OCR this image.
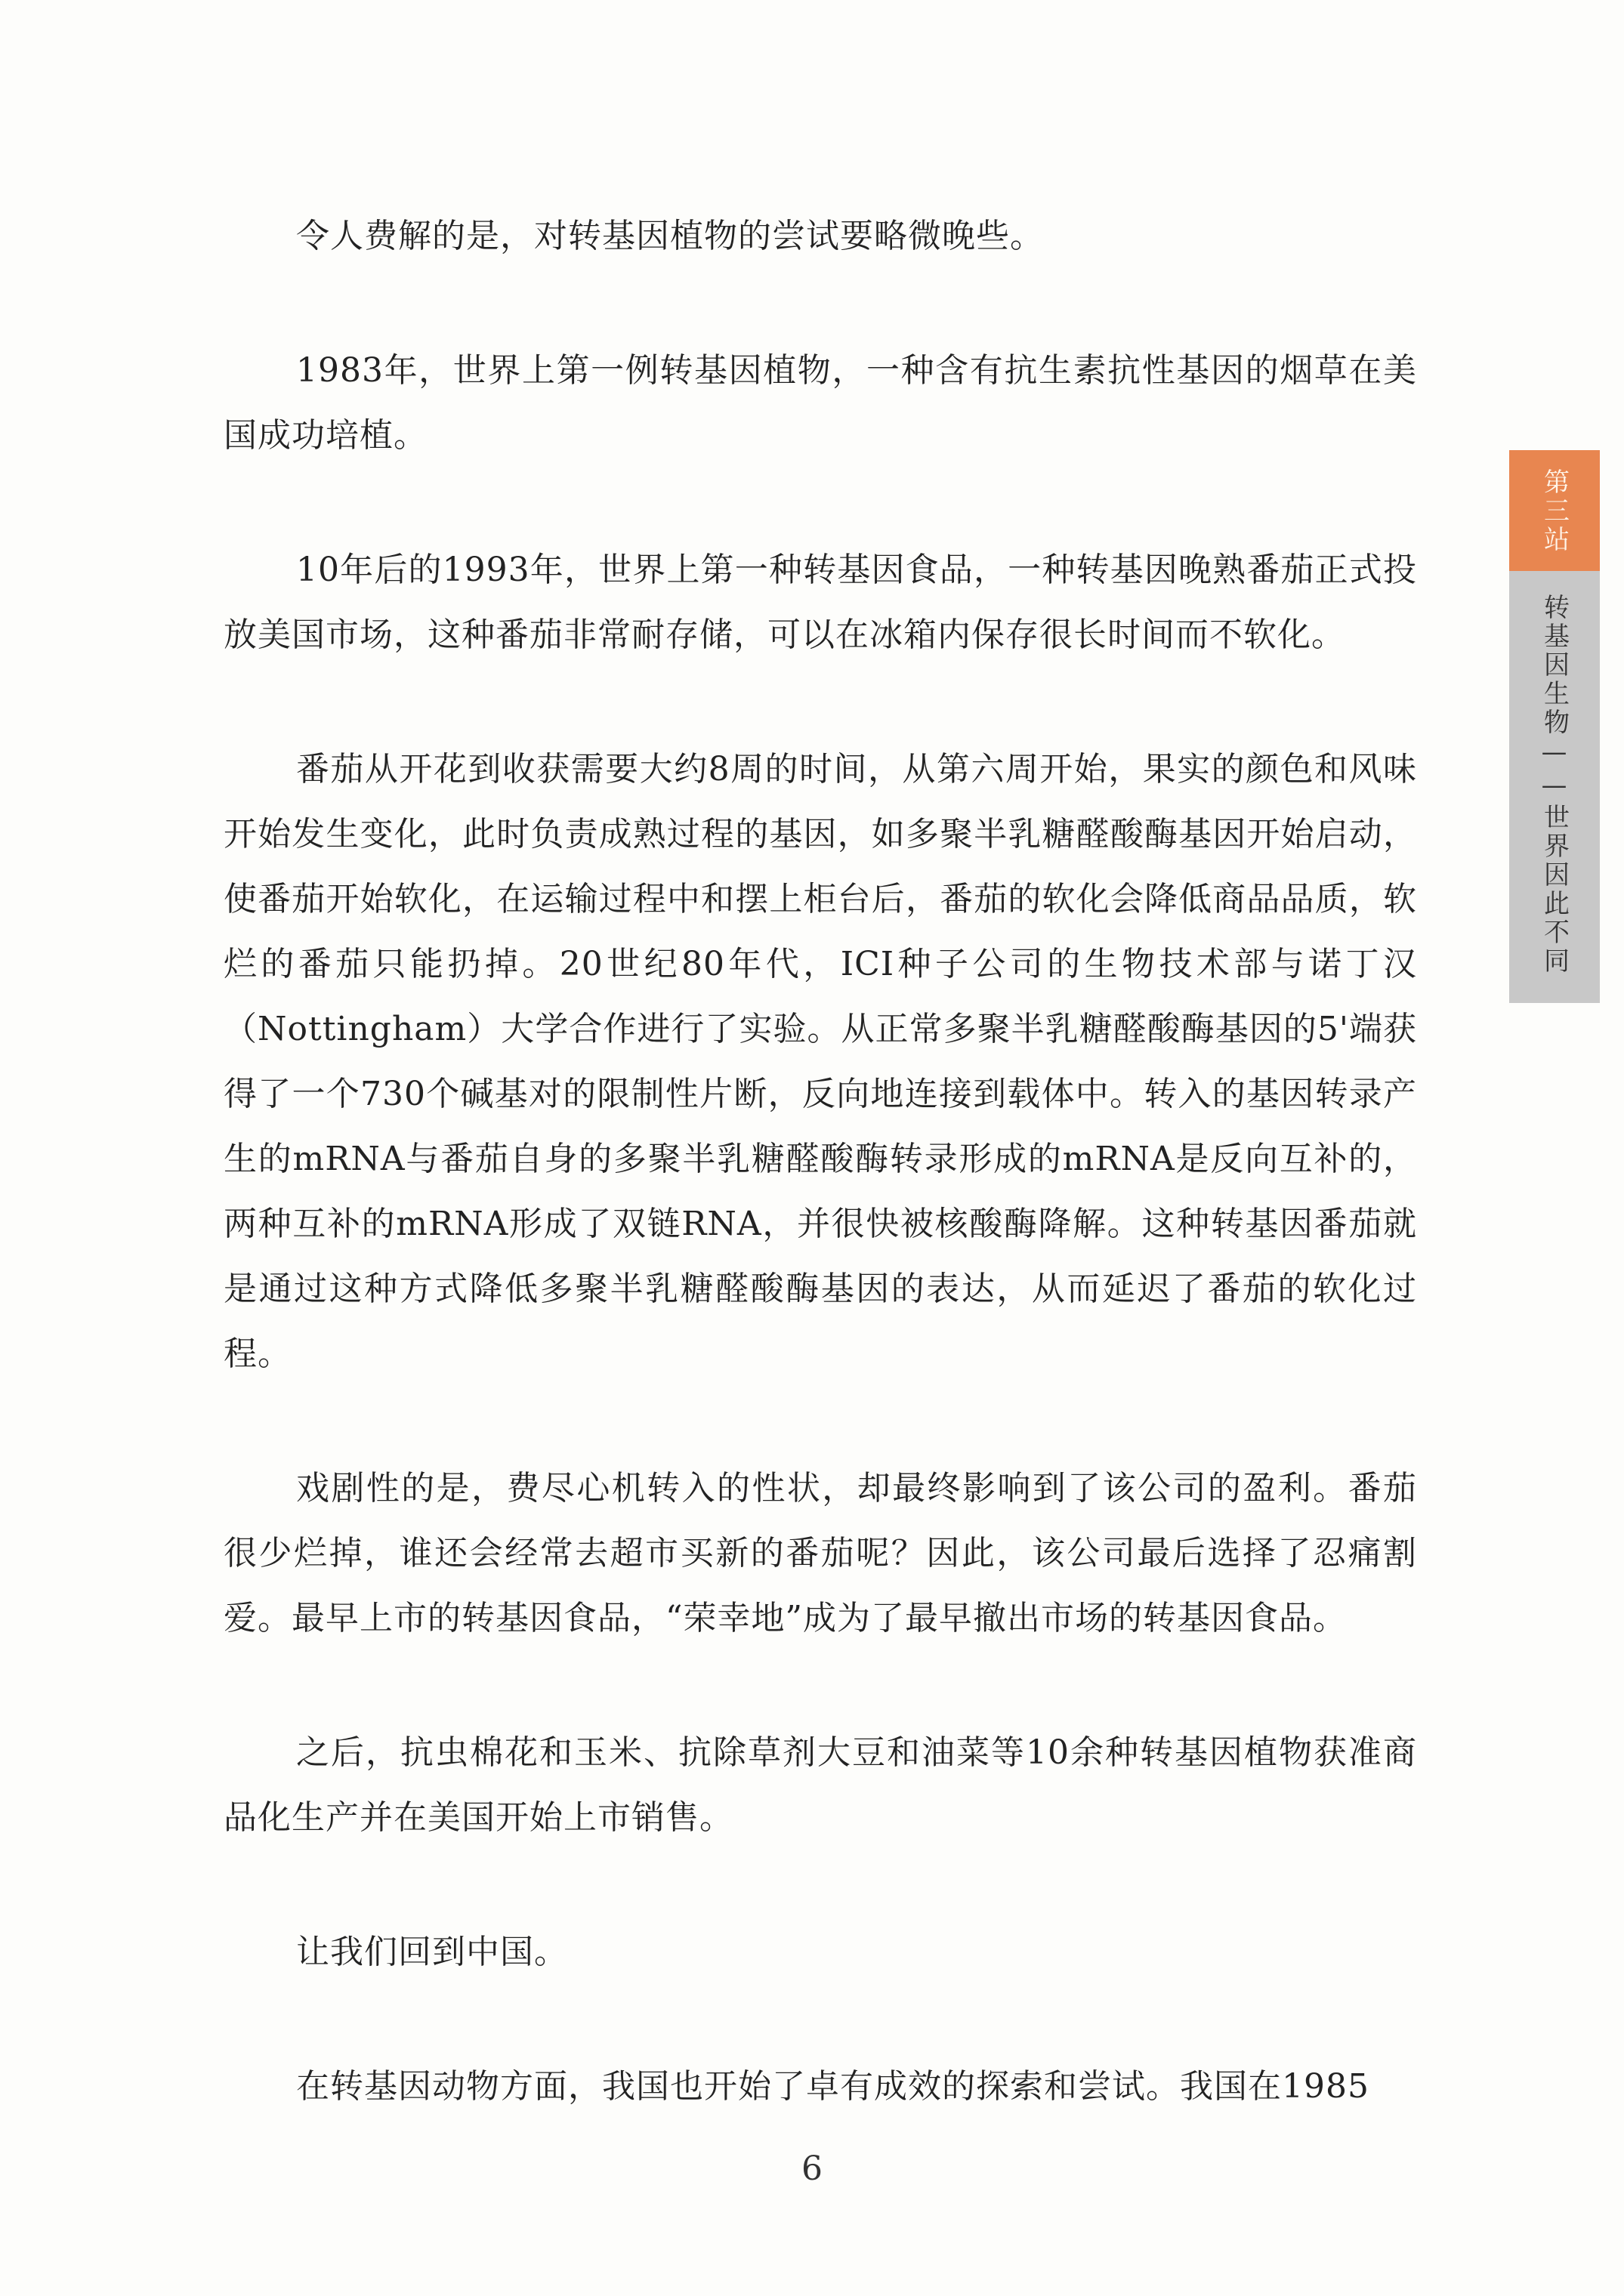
令人费解的是，对转基因植物的尝试要略微晚些。

1983年，世界上第一例转基因植物，一种含有抗生素抗性基因的烟草在美国成功培植。

10年后的1993年，世界上第一种转基因食品，一种转基因晚熟番茄正式投放美国市场，这种番茄非常耐存储，可以在冰箱内保存很长时间而不软化。

番茄从开花到收获需要大约8周的时间，从第六周开始，果实的颜色和风味开始发生变化，此时负责成熟过程的基因，如多聚半乳糖醛酸酶基因开始启动，使番茄开始软化，在运输过程中和摆上柜台后，番茄的软化会降低商品品质，软烂的番茄只能扔掉。20世纪80年代，ICI种子公司的生物技术部与诺丁汉（Nottingham）大学合作进行了实验。从正常多聚半乳糖醛酸酶基因的5'端获得了一个730个碱基对的限制性片断，反向地连接到载体中。转入的基因转录产生的mRNA与番茄自身的多聚半乳糖醛酸酶转录形成的mRNA是反向互补的，两种互补的mRNA形成了双链RNA，并很快被核酸酶降解。这种转基因番茄就是通过这种方式降低多聚半乳糖醛酸酶基因的表达，从而延迟了番茄的软化过程。

戏剧性的是，费尽心机转入的性状，却最终影响到了该公司的盈利。番茄很少烂掉，谁还会经常去超市买新的番茄呢？因此，该公司最后选择了忍痛割爱。最早上市的转基因食品，“荣幸地”成为了最早撤出市场的转基因食品。

之后，抗虫棉花和玉米、抗除草剂大豆和油菜等10余种转基因植物获准商品化生产并在美国开始上市销售。

让我们回到中国。

在转基因动物方面，我国也开始了卓有成效的探索和尝试。我国在1985

第三站
转基因生物——世界因此不同
6
